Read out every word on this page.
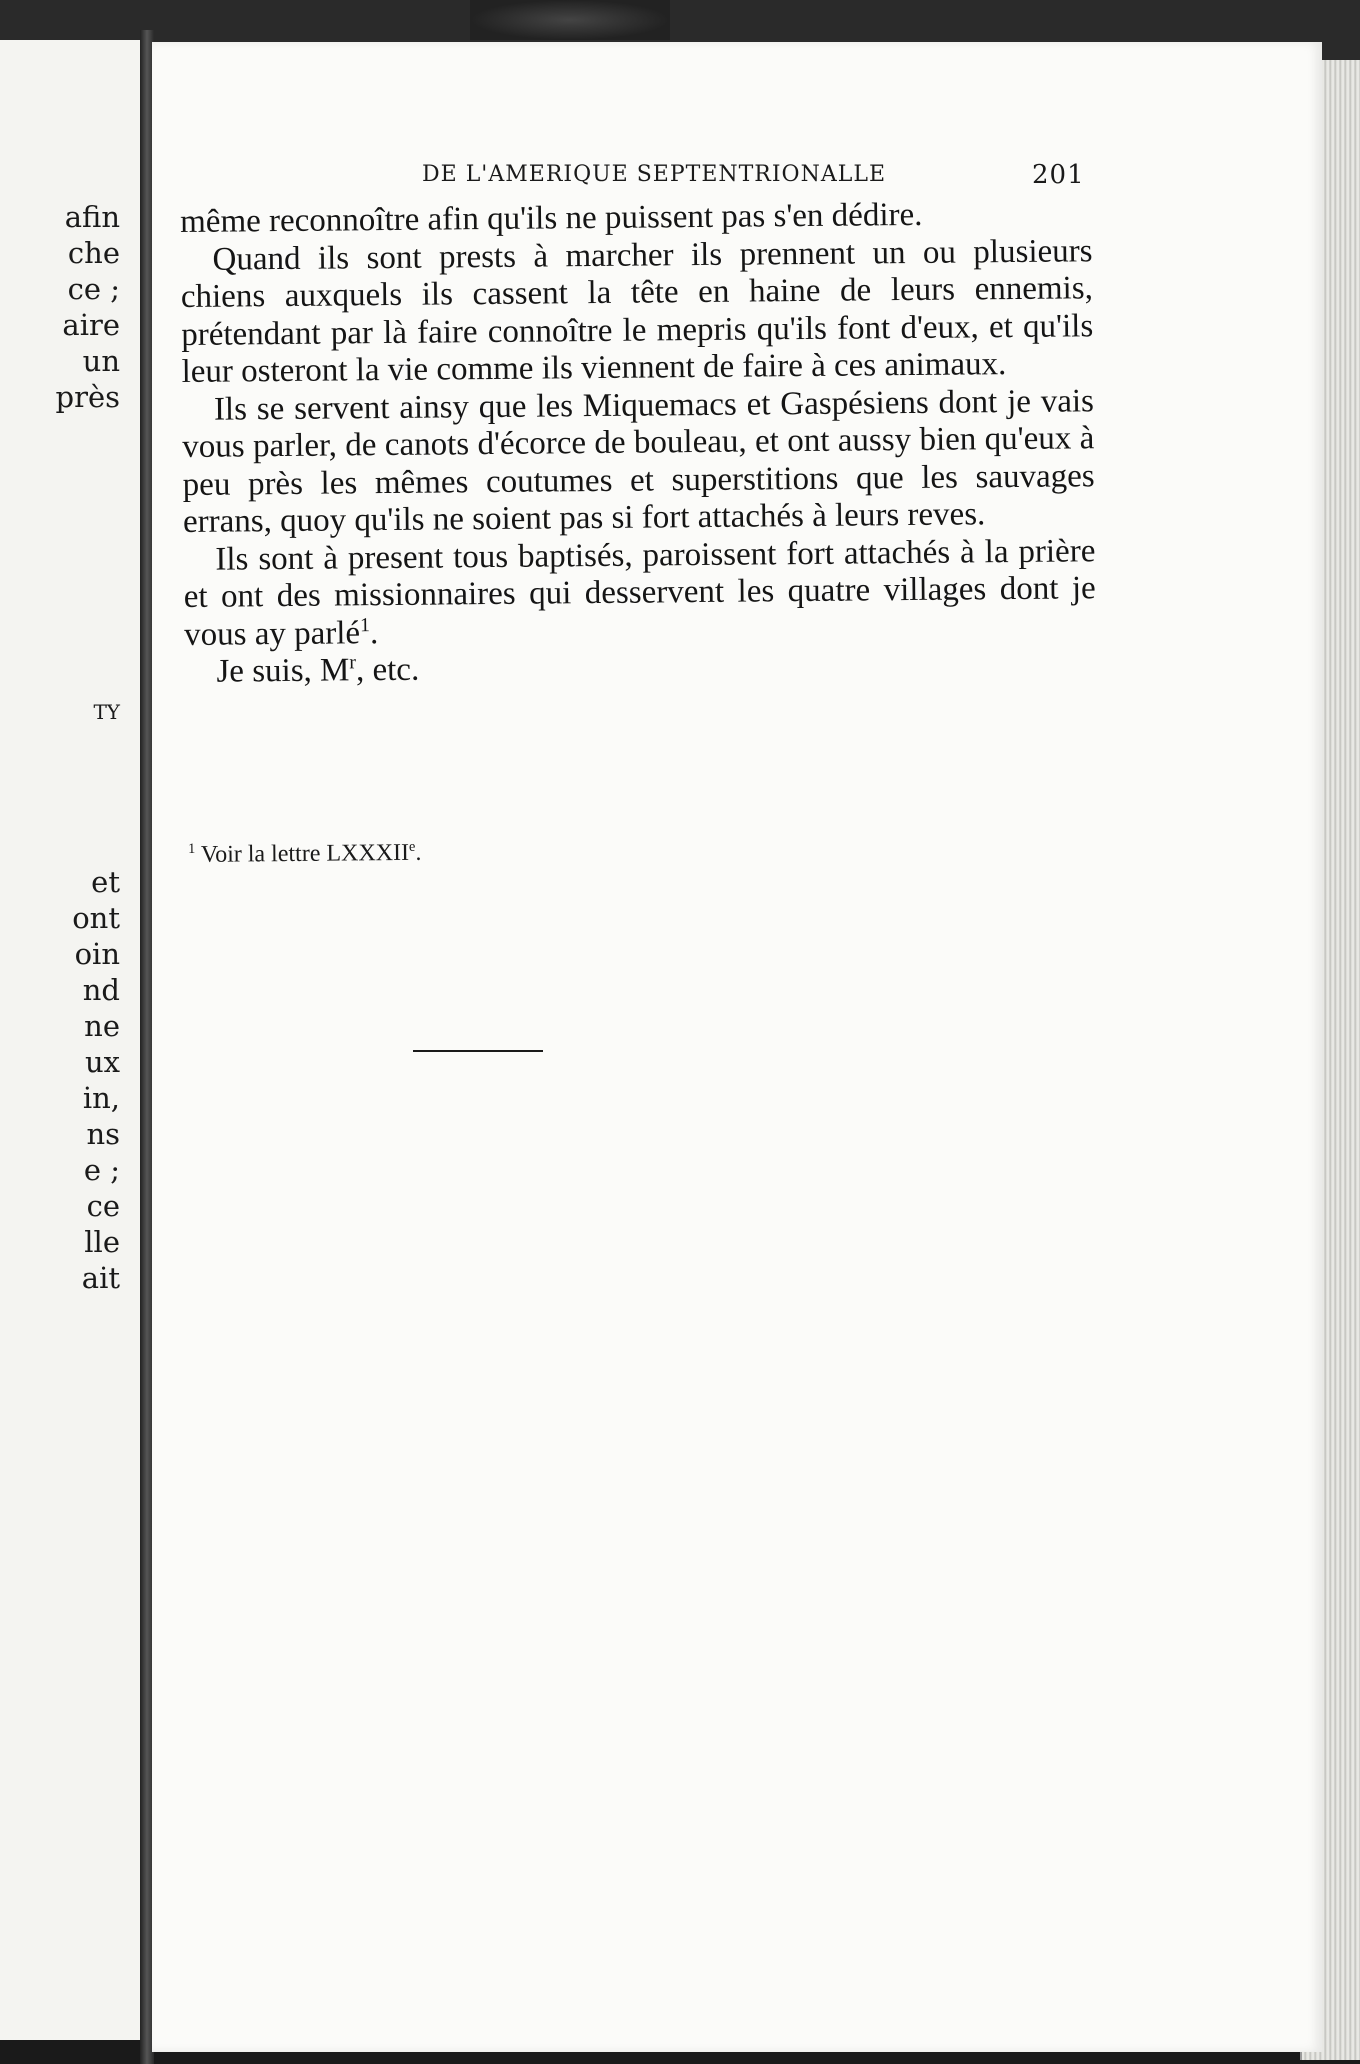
afin
che
ce ;
aire
un
près
TY
et
ont
oin
nd
ne
ux
in,
ns
e ;
ce
lle
ait
DE L'AMERIQUE SEPTENTRIONALLE	201

même reconnoître afin qu'ils ne puissent pas s'en dédire.

Quand ils sont prests à marcher ils prennent un ou plusieurs chiens auxquels ils cassent la tête en haine de leurs ennemis, prétendant par là faire connoître le mepris qu'ils font d'eux, et qu'ils leur osteront la vie comme ils viennent de faire à ces animaux.

Ils se servent ainsy que les Miquemacs et Gaspésiens dont je vais vous parler, de canots d'écorce de bouleau, et ont aussy bien qu'eux à peu près les mêmes coutumes et superstitions que les sauvages errans, quoy qu'ils ne soient pas si fort attachés à leurs reves.

Ils sont à present tous baptisés, paroissent fort attachés à la prière et ont des missionnaires qui desservent les quatre villages dont je vous ay parlé$^1$.

Je suis, $M^r$, etc.

$^1$ Voir la lettre LXXXIIe.
